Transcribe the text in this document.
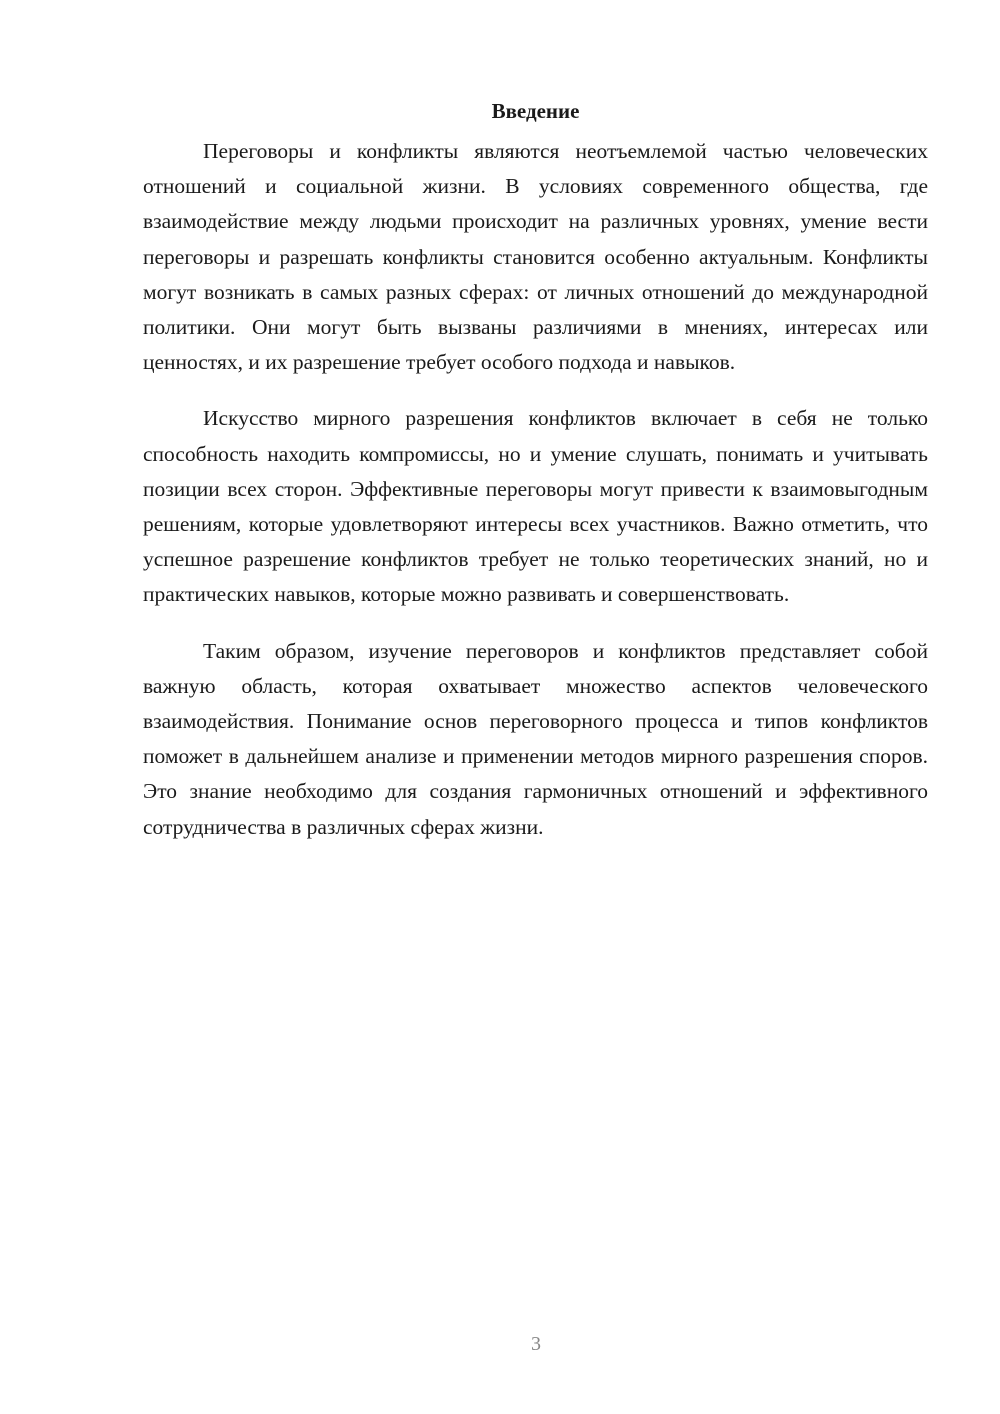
Введение

Переговоры и конфликты являются неотъемлемой частью человеческих отношений и социальной жизни. В условиях современного общества, где взаимодействие между людьми происходит на различных уровнях, умение вести переговоры и разрешать конфликты становится особенно актуальным. Конфликты могут возникать в самых разных сферах: от личных отношений до международной политики. Они могут быть вызваны различиями в мнениях, интересах или ценностях, и их разрешение требует особого подхода и навыков.

Искусство мирного разрешения конфликтов включает в себя не только способность находить компромиссы, но и умение слушать, понимать и учитывать позиции всех сторон. Эффективные переговоры могут привести к взаимовыгодным решениям, которые удовлетворяют интересы всех участников. Важно отметить, что успешное разрешение конфликтов требует не только теоретических знаний, но и практических навыков, которые можно развивать и совершенствовать.

Таким образом, изучение переговоров и конфликтов представляет собой важную область, которая охватывает множество аспектов человеческого взаимодействия. Понимание основ переговорного процесса и типов конфликтов поможет в дальнейшем анализе и применении методов мирного разрешения споров. Это знание необходимо для создания гармоничных отношений и эффективного сотрудничества в различных сферах жизни.

3
